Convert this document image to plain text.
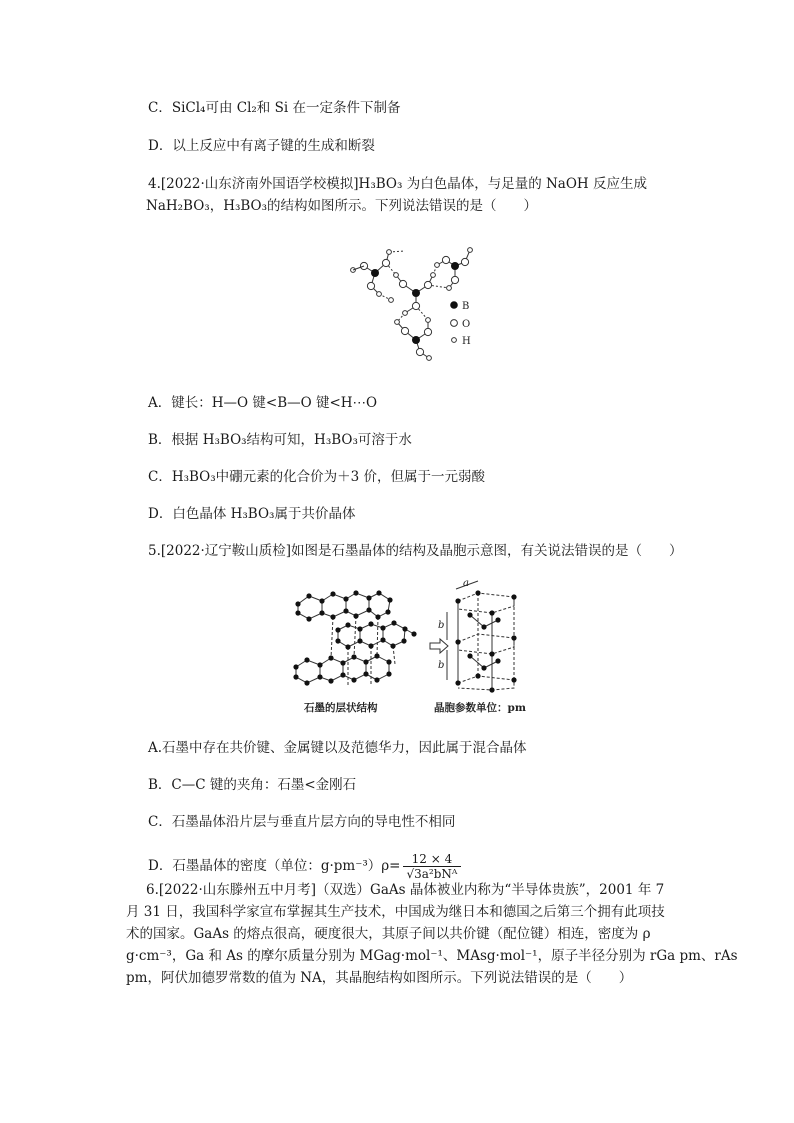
C．SiCl₄可由 Cl₂和 Si 在一定条件下制备
D．以上反应中有离子键的生成和断裂
4.[2022·山东济南外国语学校模拟]H₃BO₃ 为白色晶体，与足量的 NaOH 反应生成
NaH₂BO₃，H₃BO₃的结构如图所示。下列说法错误的是（　　）
B
O
H
A．键长：H—O 键<B—O 键<H⋯O
B．根据 H₃BO₃结构可知，H₃BO₃可溶于水
C．H₃BO₃中硼元素的化合价为＋3 价，但属于一元弱酸
D．白色晶体 H₃BO₃属于共价晶体
5.[2022·辽宁鞍山质检]如图是石墨晶体的结构及晶胞示意图，有关说法错误的是（　　）
a
b
b
石墨的层状结构	晶胞参数单位：pm
A.石墨中存在共价键、金属键以及范德华力，因此属于混合晶体
B．C—C 键的夹角：石墨<金刚石
C．石墨晶体沿片层与垂直片层方向的导电性不相同
D．石墨晶体的密度（单位：$g\cdot pm^{-3})\rho= \frac{12 \times 4}{\text{√3a²bNᴬ}}$
6.[2022·山东滕州五中月考]（双选）GaAs 晶体被业内称为“半导体贵族”，2001 年 7
月 31 日，我国科学家宣布掌握其生产技术，中国成为继日本和德国之后第三个拥有此项技
术的国家。GaAs 的熔点很高，硬度很大，其原子间以共价键（配位键）相连，密度为 ρ
g·cm⁻³，Ga 和 As 的摩尔质量分别为 MGag·mol⁻¹、MAsg·mol⁻¹，原子半径分别为 rGa pm、rAs
pm，阿伏加德罗常数的值为 NA，其晶胞结构如图所示。下列说法错误的是（　　）
